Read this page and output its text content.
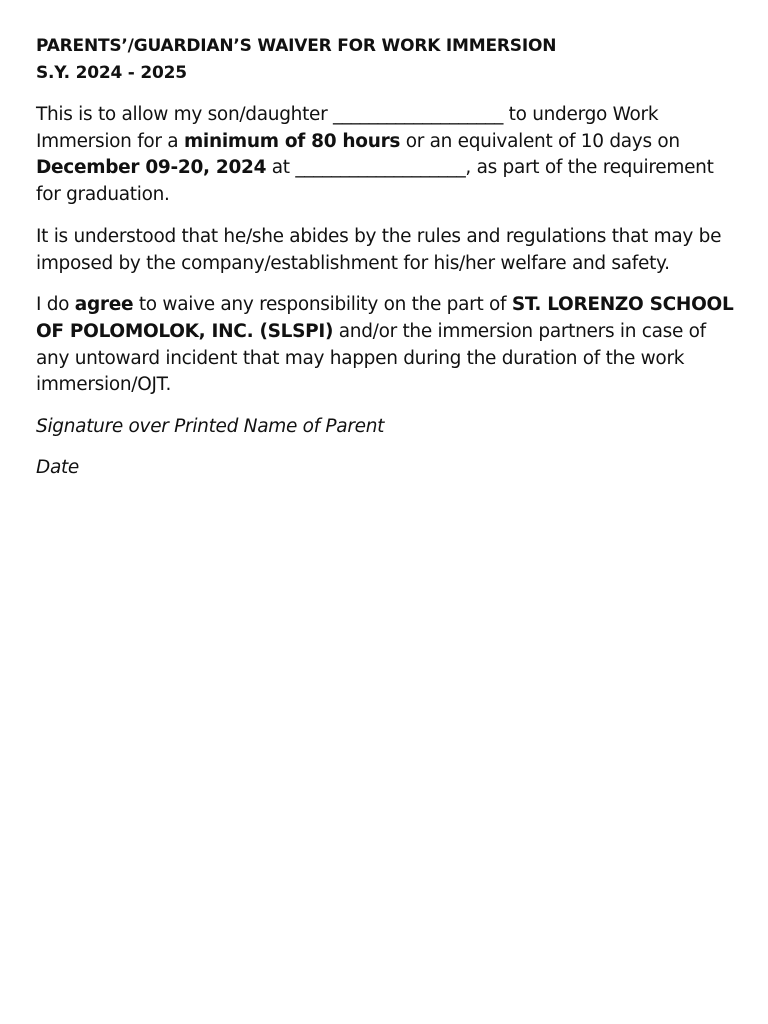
PARENTS’/GUARDIAN’S WAIVER FOR WORK IMMERSION
S.Y. 2024 - 2025

This is to allow my son/daughter ___________________ to undergo Work Immersion for a minimum of 80 hours or an equivalent of 10 days on December 09-20, 2024 at ___________________, as part of the requirement for graduation.

It is understood that he/she abides by the rules and regulations that may be imposed by the company/establishment for his/her welfare and safety.

I do agree to waive any responsibility on the part of ST. LORENZO SCHOOL OF POLOMOLOK, INC. (SLSPI) and/or the immersion partners in case of any untoward incident that may happen during the duration of the work immersion/OJT.

Signature over Printed Name of Parent

Date
